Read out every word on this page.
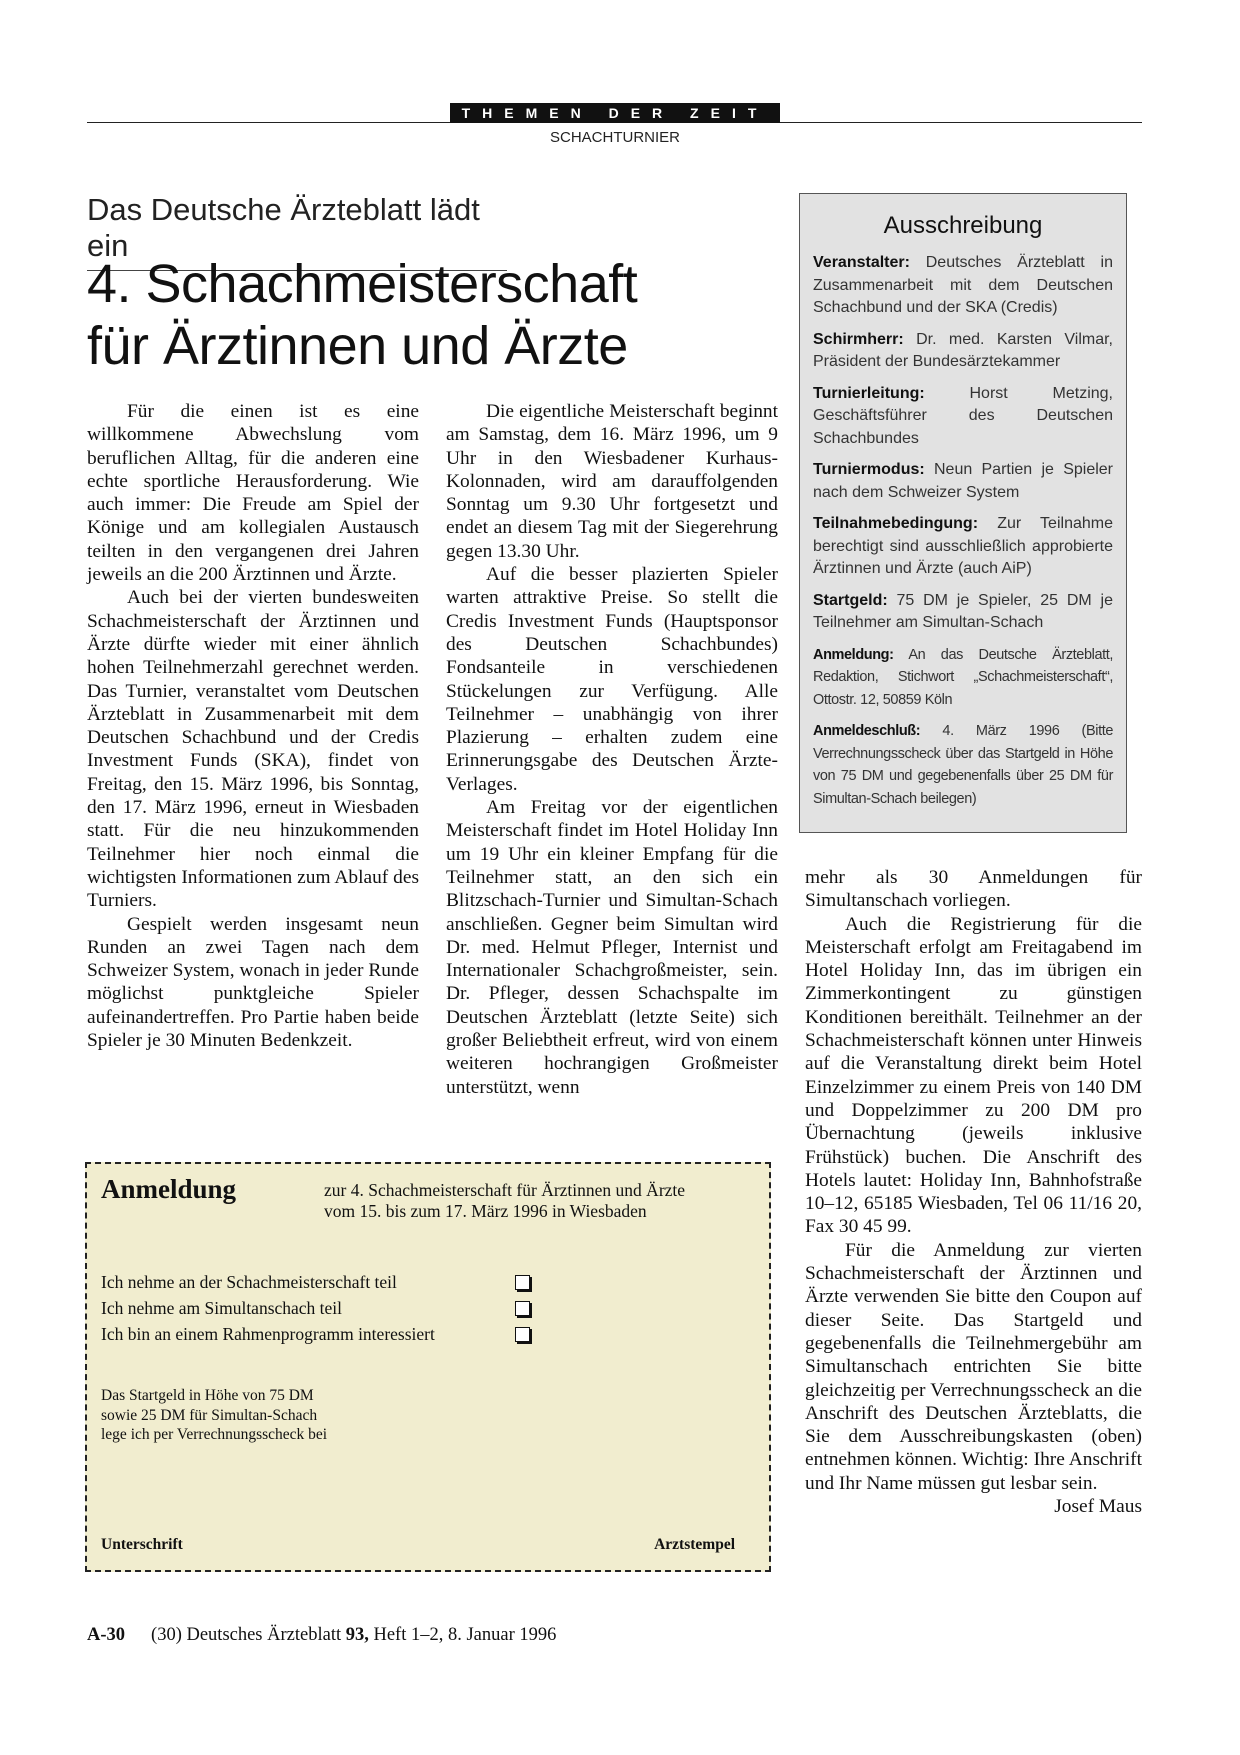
THEMEN DER ZEIT
SCHACHTURNIER
Das Deutsche Ärzteblatt lädt ein
4. Schachmeisterschaft
für Ärztinnen und Ärzte

Für die einen ist es eine willkommene Abwechslung vom beruflichen Alltag, für die anderen eine echte sportliche Herausforderung. Wie auch immer: Die Freude am Spiel der Könige und am kollegialen Austausch teilten in den vergangenen drei Jahren jeweils an die 200 Ärztinnen und Ärzte.

Auch bei der vierten bundesweiten Schachmeisterschaft der Ärztinnen und Ärzte dürfte wieder mit einer ähnlich hohen Teilnehmerzahl gerechnet werden. Das Turnier, veranstaltet vom Deutschen Ärzteblatt in Zusammenarbeit mit dem Deutschen Schachbund und der Credis Investment Funds (SKA), findet von Freitag, den 15. März 1996, bis Sonntag, den 17. März 1996, erneut in Wiesbaden statt. Für die neu hinzukommenden Teilnehmer hier noch einmal die wichtigsten Informationen zum Ablauf des Turniers.

Gespielt werden insgesamt neun Runden an zwei Tagen nach dem Schweizer System, wonach in jeder Runde möglichst punktgleiche Spieler aufeinandertreffen. Pro Partie haben beide Spieler je 30 Minuten Bedenkzeit.

Die eigentliche Meisterschaft beginnt am Samstag, dem 16. März 1996, um 9 Uhr in den Wiesbadener Kurhaus-Kolonnaden, wird am darauffolgenden Sonntag um 9.30 Uhr fortgesetzt und endet an diesem Tag mit der Siegerehrung gegen 13.30 Uhr.

Auf die besser plazierten Spieler warten attraktive Preise. So stellt die Credis Investment Funds (Hauptsponsor des Deutschen Schachbundes) Fondsanteile in verschiedenen Stückelungen zur Verfügung. Alle Teilnehmer – unabhängig von ihrer Plazierung – erhalten zudem eine Erinnerungsgabe des Deutschen Ärzte-Verlages.

Am Freitag vor der eigentlichen Meisterschaft findet im Hotel Holiday Inn um 19 Uhr ein kleiner Empfang für die Teilnehmer statt, an den sich ein Blitzschach-Turnier und Simultan-Schach anschließen. Gegner beim Simultan wird Dr. med. Helmut Pfleger, Internist und Internationaler Schachgroßmeister, sein. Dr. Pfleger, dessen Schachspalte im Deutschen Ärzteblatt (letzte Seite) sich großer Beliebtheit erfreut, wird von einem weiteren hochrangigen Großmeister unterstützt, wenn

Ausschreibung
Veranstalter: Deutsches Ärzteblatt in Zusammenarbeit mit dem Deutschen Schachbund und der SKA (Credis)
Schirmherr: Dr. med. Karsten Vilmar, Präsident der Bundesärztekammer
Turnierleitung:	Horst Metzing, Geschäftsführer des Deutschen Schachbundes
Turniermodus: Neun Partien je Spieler nach dem Schweizer System
Teilnahmebedingung: Zur Teilnahme berechtigt sind ausschließlich approbierte Ärztinnen und Ärzte (auch AiP)
Startgeld: 75 DM je Spieler, 25 DM je Teilnehmer am Simultan-Schach
Anmeldung: An das Deutsche Ärzteblatt, Redaktion, Stichwort „Schachmeisterschaft“, Ottostr. 12, 50859 Köln
Anmeldeschluß: 4. März 1996 (Bitte Verrechnungsscheck über das Startgeld in Höhe von 75 DM und gegebenenfalls über 25 DM für Simultan-Schach beilegen)

mehr als 30 Anmeldungen für Simultanschach vorliegen.

Auch die Registrierung für die Meisterschaft erfolgt am Freitagabend im Hotel Holiday Inn, das im übrigen ein Zimmerkontingent zu günstigen Konditionen bereithält. Teilnehmer an der Schachmeisterschaft können unter Hinweis auf die Veranstaltung direkt beim Hotel Einzelzimmer zu einem Preis von 140 DM und Doppelzimmer zu 200 DM pro Übernachtung (jeweils inklusive Frühstück) buchen. Die Anschrift des Hotels lautet: Holiday Inn, Bahnhofstraße 10–12, 65185 Wiesbaden, Tel 06 11/16 20, Fax 30 45 99.

Für die Anmeldung zur vierten Schachmeisterschaft der Ärztinnen und Ärzte verwenden Sie bitte den Coupon auf dieser Seite. Das Startgeld und gegebenenfalls die Teilnehmergebühr am Simultanschach entrichten Sie bitte gleichzeitig per Verrechnungsscheck an die Anschrift des Deutschen Ärzteblatts, die Sie dem Ausschreibungskasten (oben) entnehmen können. Wichtig: Ihre Anschrift und Ihr Name müssen gut lesbar sein.
Josef Maus

Anmeldung	zur 4. Schachmeisterschaft für Ärztinnen und Ärzte
vom 15. bis zum 17. März 1996 in Wiesbaden
Ich nehme an der Schachmeisterschaft teil
Ich nehme am Simultanschach teil
Ich bin an einem Rahmenprogramm interessiert
Das Startgeld in Höhe von 75 DM
sowie 25 DM für Simultan-Schach
lege ich per Verrechnungsscheck bei
Unterschrift	Arztstempel
A-30 (30) Deutsches Ärzteblatt 93, Heft 1–2, 8. Januar 1996
